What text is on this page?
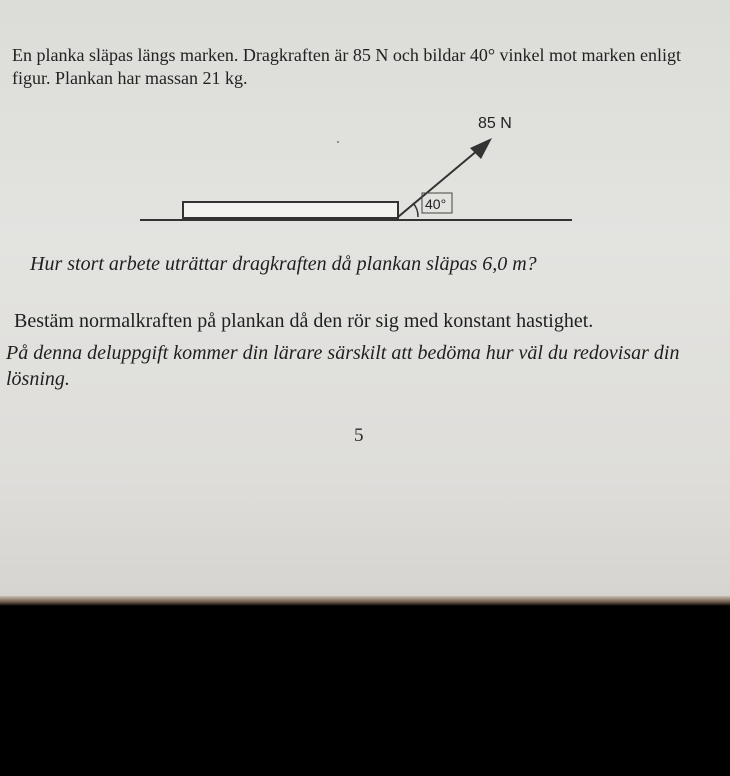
En planka släpas längs marken. Dragkraften är 85 N och bildar 40° vinkel mot marken enligt figur. Plankan har massan 21 kg.
40°
85 N
Hur stort arbete uträttar dragkraften då plankan släpas 6,0 m?
Bestäm normalkraften på plankan då den rör sig med konstant hastighet.
På denna deluppgift kommer din lärare särskilt att bedöma hur väl du redovisar din lösning.
5
